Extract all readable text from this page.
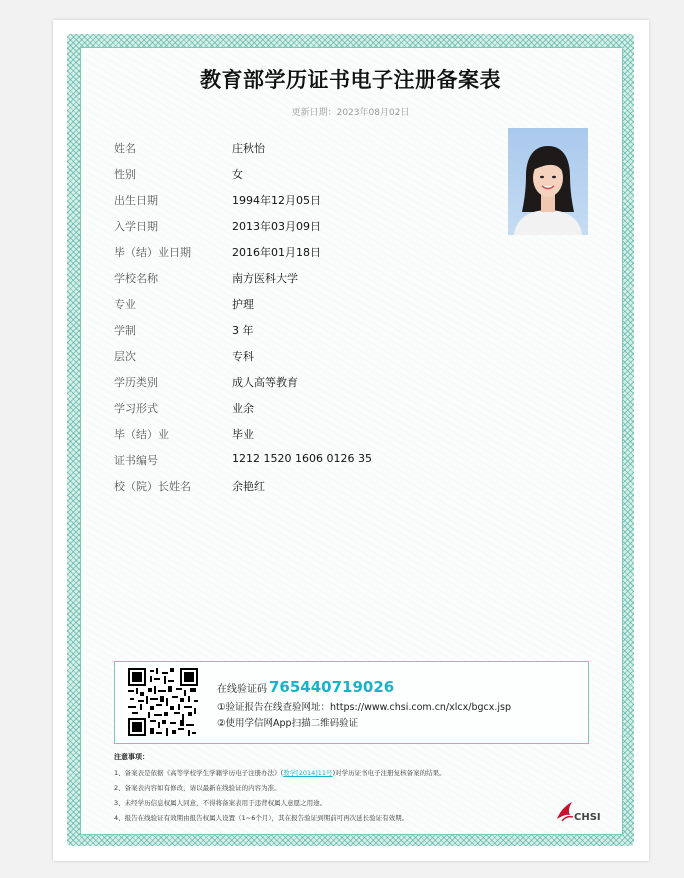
教育部学历证书电子注册备案表
更新日期：2023年08月02日
姓名	庄秋怡
性别	女
出生日期	1994年12月05日
入学日期	2013年03月09日
毕（结）业日期	2016年01月18日
学校名称	南方医科大学
专业	护理
学制	3 年
层次	专科
学历类别	成人高等教育
学习形式	业余
毕（结）业	毕业
证书编号	1212 1520 1606 0126 35
校（院）长姓名	余艳红
在线验证码 765440719026
①验证报告在线查验网址：https://www.chsi.com.cn/xlcx/bgcx.jsp
②使用学信网App扫描二维码验证
注意事项：
1、备案表是依据《高等学校学生学籍学历电子注册办法》(教学[2014]11号)对学历证书电子注册复核备案的结果。
2、备案表内容如有修改，请以最新在线验证的内容为准。
3、未经学历信息权属人同意，不得将备案表用于违背权属人意愿之用途。
4、报告在线验证有效期由报告权属人设置（1~6个月），其在报告验证到期前可再次延长验证有效期。	CHSI
